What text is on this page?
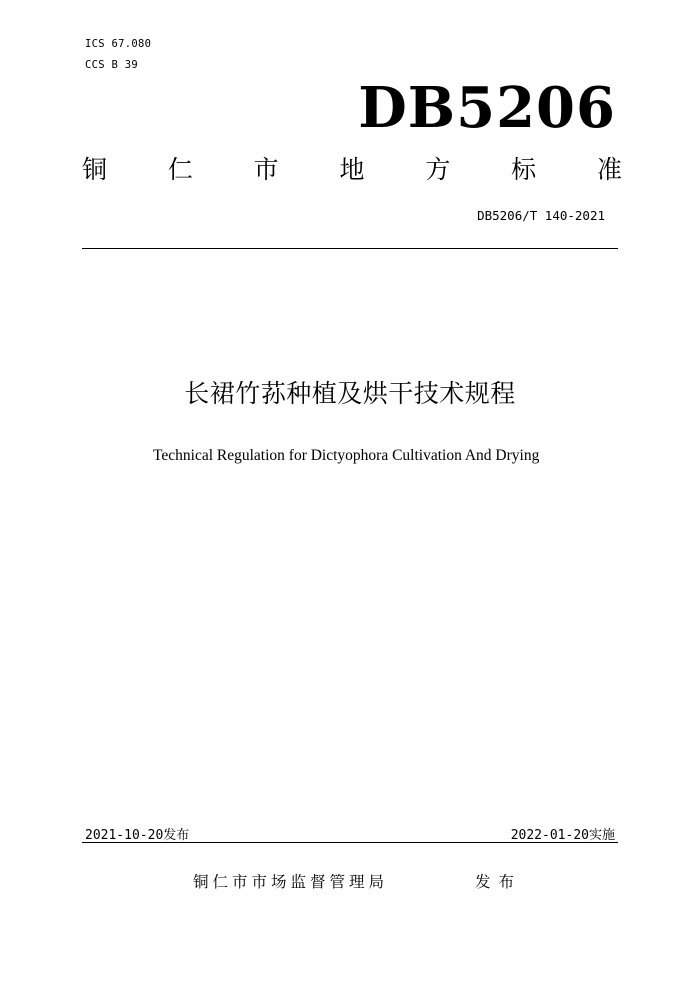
ICS 67.080
CCS B 39
DB5206
铜 仁 市 地 方 标 准
DB5206/T 140-2021
长裙竹荪种植及烘干技术规程
Technical Regulation for Dictyophora Cultivation And Drying
2021-10-20发布	2022-01-20实施
铜仁市市场监督管理局	发布
